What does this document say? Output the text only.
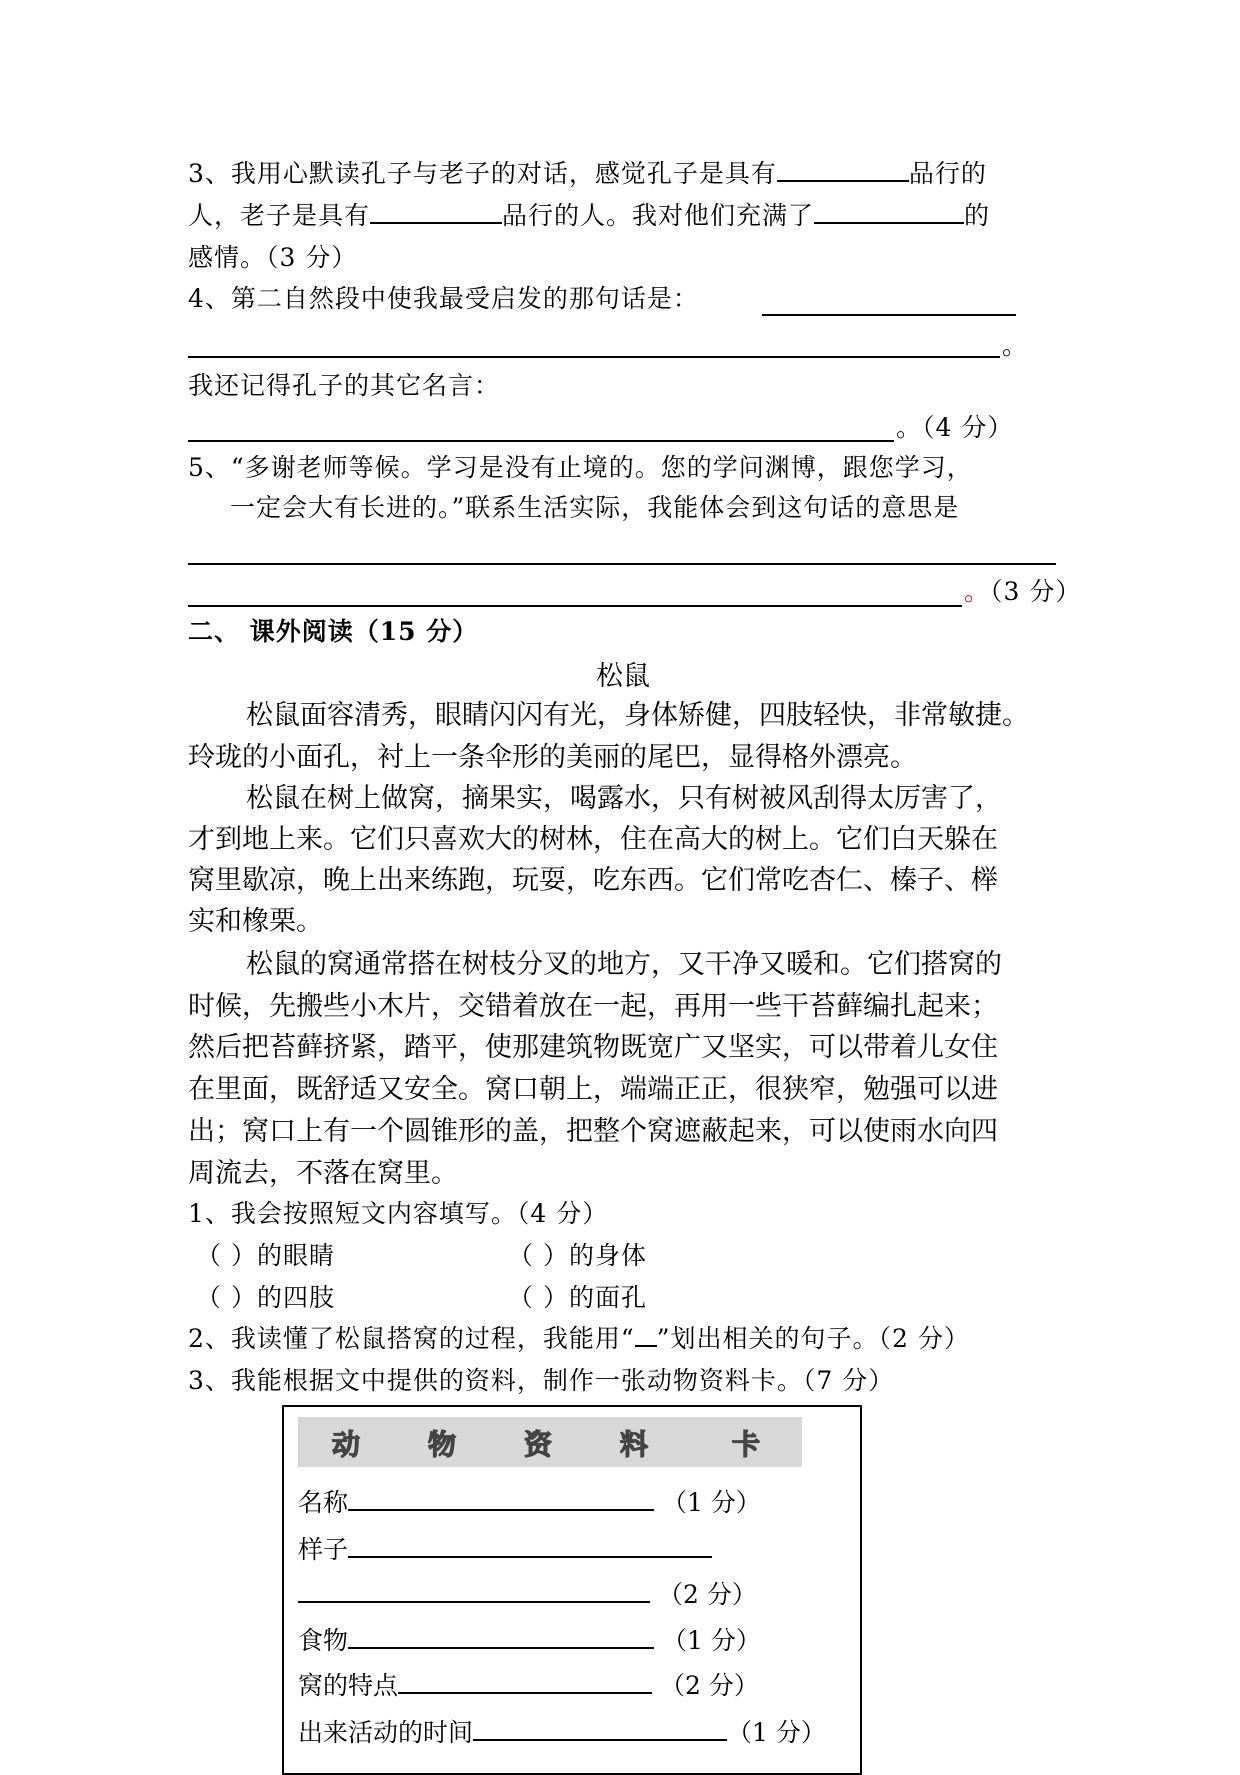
3、我用心默读孔子与老子的对话，感觉孔子是具有	品行的
人，老子是具有	品行的人。我对他们充满了	的
感情。（3 分）
4、第二自然段中使我最受启发的那句话是：
。
我还记得孔子的其它名言：
。（4 分）
5、“多谢老师等候。学习是没有止境的。您的学问渊博，跟您学习，
一定会大有长进的。”联系生活实际，我能体会到这句话的意思是
。（3 分）
二、 课外阅读（15 分）
松鼠
松鼠面容清秀，眼睛闪闪有光，身体矫健，四肢轻快，非常敏捷。
玲珑的小面孔，衬上一条伞形的美丽的尾巴，显得格外漂亮。
松鼠在树上做窝，摘果实，喝露水，只有树被风刮得太厉害了，
才到地上来。它们只喜欢大的树林，住在高大的树上。它们白天躲在
窝里歇凉，晚上出来练跑，玩耍，吃东西。它们常吃杏仁、榛子、榉
实和橡栗。
松鼠的窝通常搭在树枝分叉的地方，又干净又暖和。它们搭窝的
时候，先搬些小木片，交错着放在一起，再用一些干苔藓编扎起来；
然后把苔藓挤紧，踏平，使那建筑物既宽广又坚实，可以带着儿女住
在里面，既舒适又安全。窝口朝上，端端正正，很狭窄，勉强可以进
出；窝口上有一个圆锥形的盖，把整个窝遮蔽起来，可以使雨水向四
周流去，不落在窝里。
1、我会按照短文内容填写。（4 分）
（ ）的眼睛	（ ）的身体
（ ）的四肢	（ ）的面孔
2、我读懂了松鼠搭窝的过程，我能用“ ”划出相关的句子。（2 分）
3、我能根据文中提供的资料，制作一张动物资料卡。（7 分）
动 物 资 料	卡
名称	（1 分）
样子
（2 分）
食物	（1 分）
窝的特点	（2 分）
出来活动的时间	（1 分）
